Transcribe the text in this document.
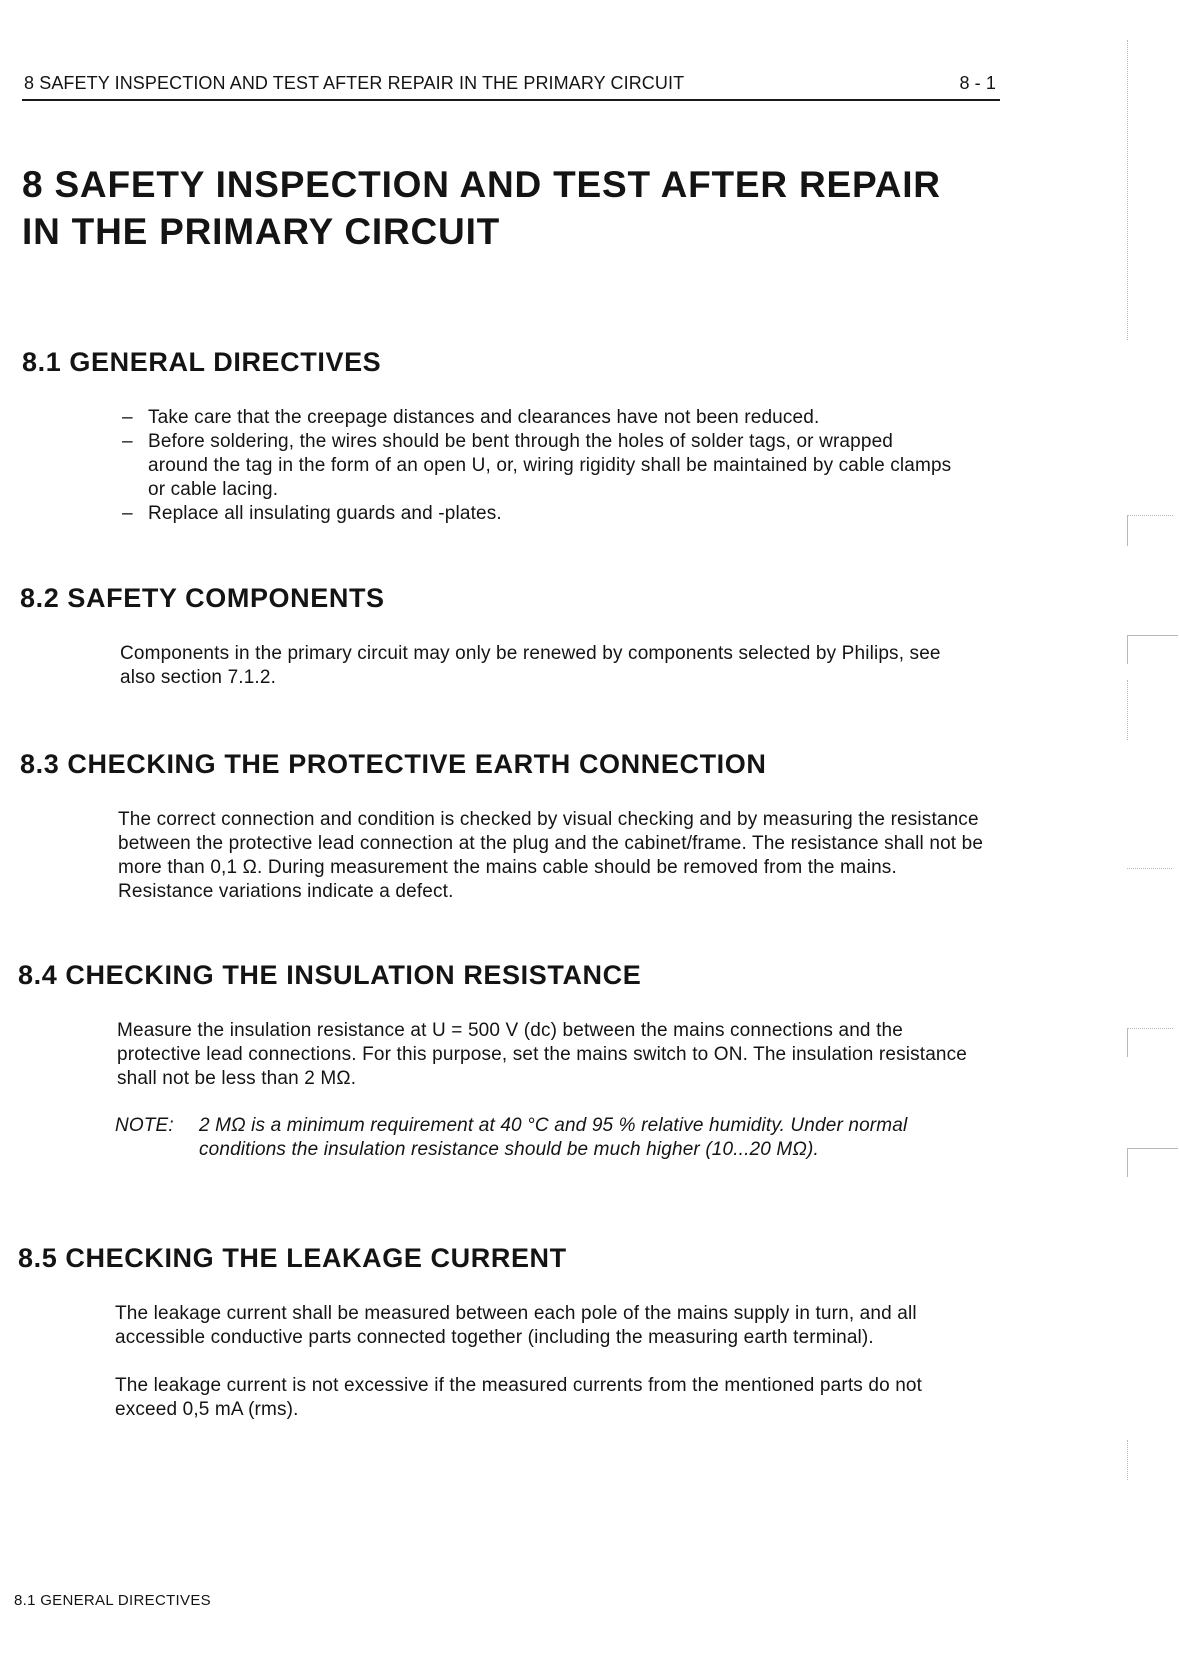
8 SAFETY INSPECTION AND TEST AFTER REPAIR IN THE PRIMARY CIRCUIT	8 - 1
8 SAFETY INSPECTION AND TEST AFTER REPAIR
IN THE PRIMARY CIRCUIT
8.1 GENERAL DIRECTIVES
– Take care that the creepage distances and clearances have not been reduced.
– Before soldering, the wires should be bent through the holes of solder tags, or wrapped around the tag in the form of an open U, or, wiring rigidity shall be maintained by cable clamps or cable lacing.
– Replace all insulating guards and -plates.
8.2 SAFETY COMPONENTS

Components in the primary circuit may only be renewed by components selected by Philips, see also section 7.1.2.

8.3 CHECKING THE PROTECTIVE EARTH CONNECTION

The correct connection and condition is checked by visual checking and by measuring the resistance between the protective lead connection at the plug and the cabinet/frame. The resistance shall not be more than 0,1 Ω. During measurement the mains cable should be removed from the mains. Resistance variations indicate a defect.

8.4 CHECKING THE INSULATION RESISTANCE

Measure the insulation resistance at U = 500 V (dc) between the mains connections and the protective lead connections. For this purpose, set the mains switch to ON. The insulation resistance shall not be less than 2 MΩ.

NOTE: 2 MΩ is a minimum requirement at 40 °C and 95 % relative humidity. Under normal conditions the insulation resistance should be much higher (10...20 MΩ).
8.5 CHECKING THE LEAKAGE CURRENT

The leakage current shall be measured between each pole of the mains supply in turn, and all accessible conductive parts connected together (including the measuring earth terminal).

The leakage current is not excessive if the measured currents from the mentioned parts do not exceed 0,5 mA (rms).

8.1 GENERAL DIRECTIVES
